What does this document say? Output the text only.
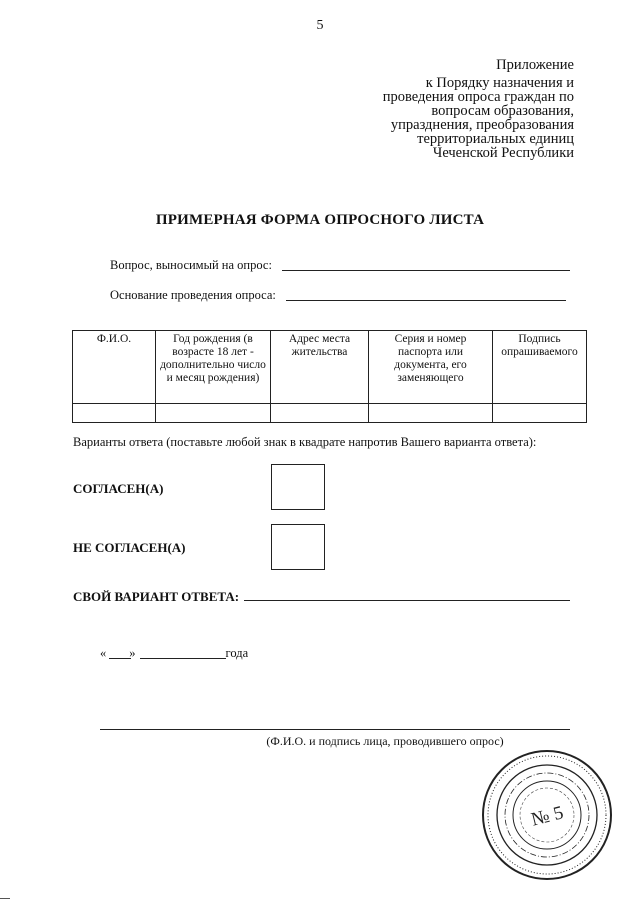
5
Приложение
к Порядку назначения и
проведения опроса граждан по
вопросам образования,
упразднения, преобразования
территориальных единиц
Чеченской Республики
ПРИМЕРНАЯ ФОРМА ОПРОСНОГО ЛИСТА
Вопрос, выносимый на опрос:
Основание проведения опроса:
Ф.И.О.	Год рождения (в возрасте 18 лет - дополнительно число и месяц рождения)	Адрес места жительства	Серия и номер паспорта или документа, его заменяющего	Подпись опрашиваемого

Варианты ответа (поставьте любой знак в квадрате напротив Вашего варианта ответа):
СОГЛАСЕН(А)
НЕ СОГЛАСЕН(А)
СВОЙ ВАРИАНТ ОТВЕТА:
« »	года
(Ф.И.О. и подпись лица, проводившего опрос)
№ 5
